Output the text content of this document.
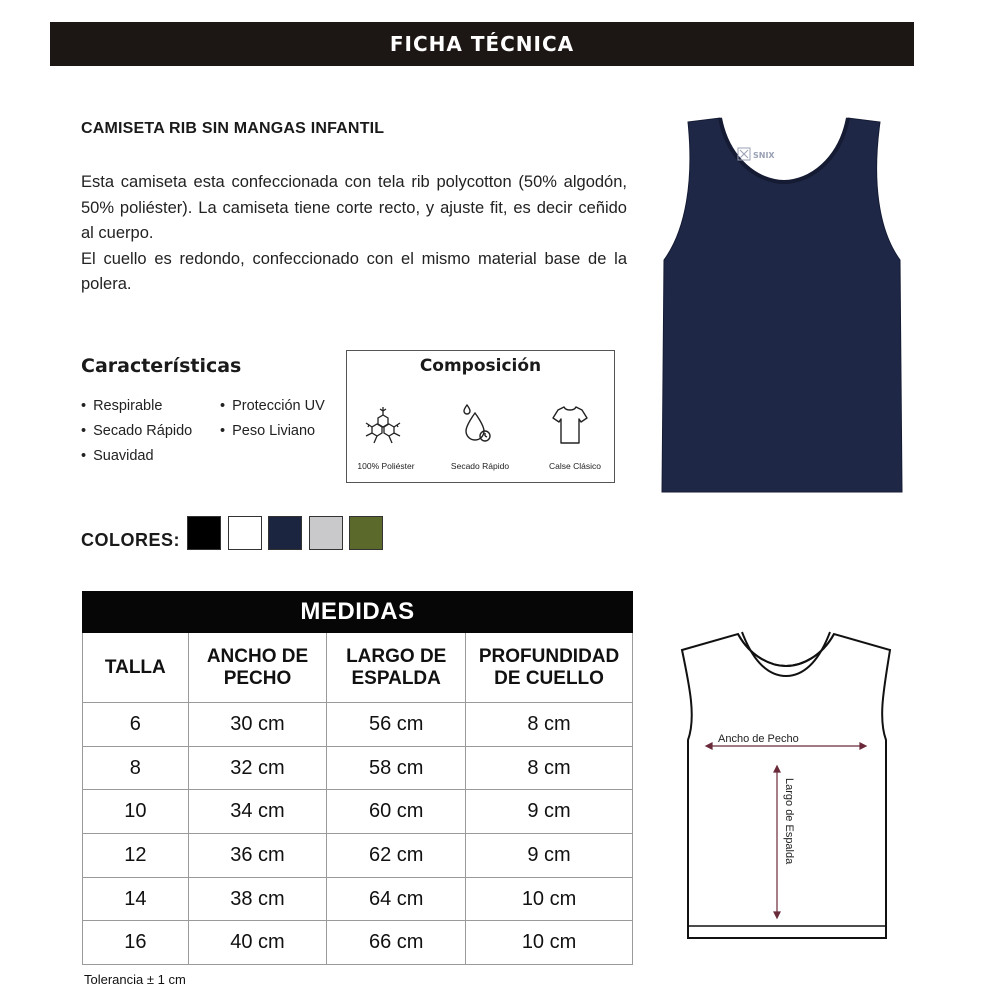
FICHA TÉCNICA
CAMISETA RIB SIN MANGAS INFANTIL

Esta camiseta esta confeccionada con tela rib polycotton (50% algodón, 50% poliéster). La camiseta tiene corte recto, y ajuste fit, es decir ceñido al cuerpo.

El cuello es redondo, confeccionado con el mismo material base de la polera.

Características
• Respirable	• Protección UV
• Secado Rápido	• Peso Liviano
• Suavidad
Composición
100% Poliéster	Secado Rápido	Calse Clásico
COLORES:
SNIX
MEDIDAS			
TALLA	ANCHO DE PECHO	LARGO DE ESPALDA	PROFUNDIDAD DE CUELLO
6	30 cm	56 cm	8 cm
8	32 cm	58 cm	8 cm
10	34 cm	60 cm	9 cm
12	36 cm	62 cm	9 cm
14	38 cm	64 cm	10 cm
16	40 cm	66 cm	10 cm
Tolerancia ± 1 cm
Ancho de Pecho
Largo de Espalda
